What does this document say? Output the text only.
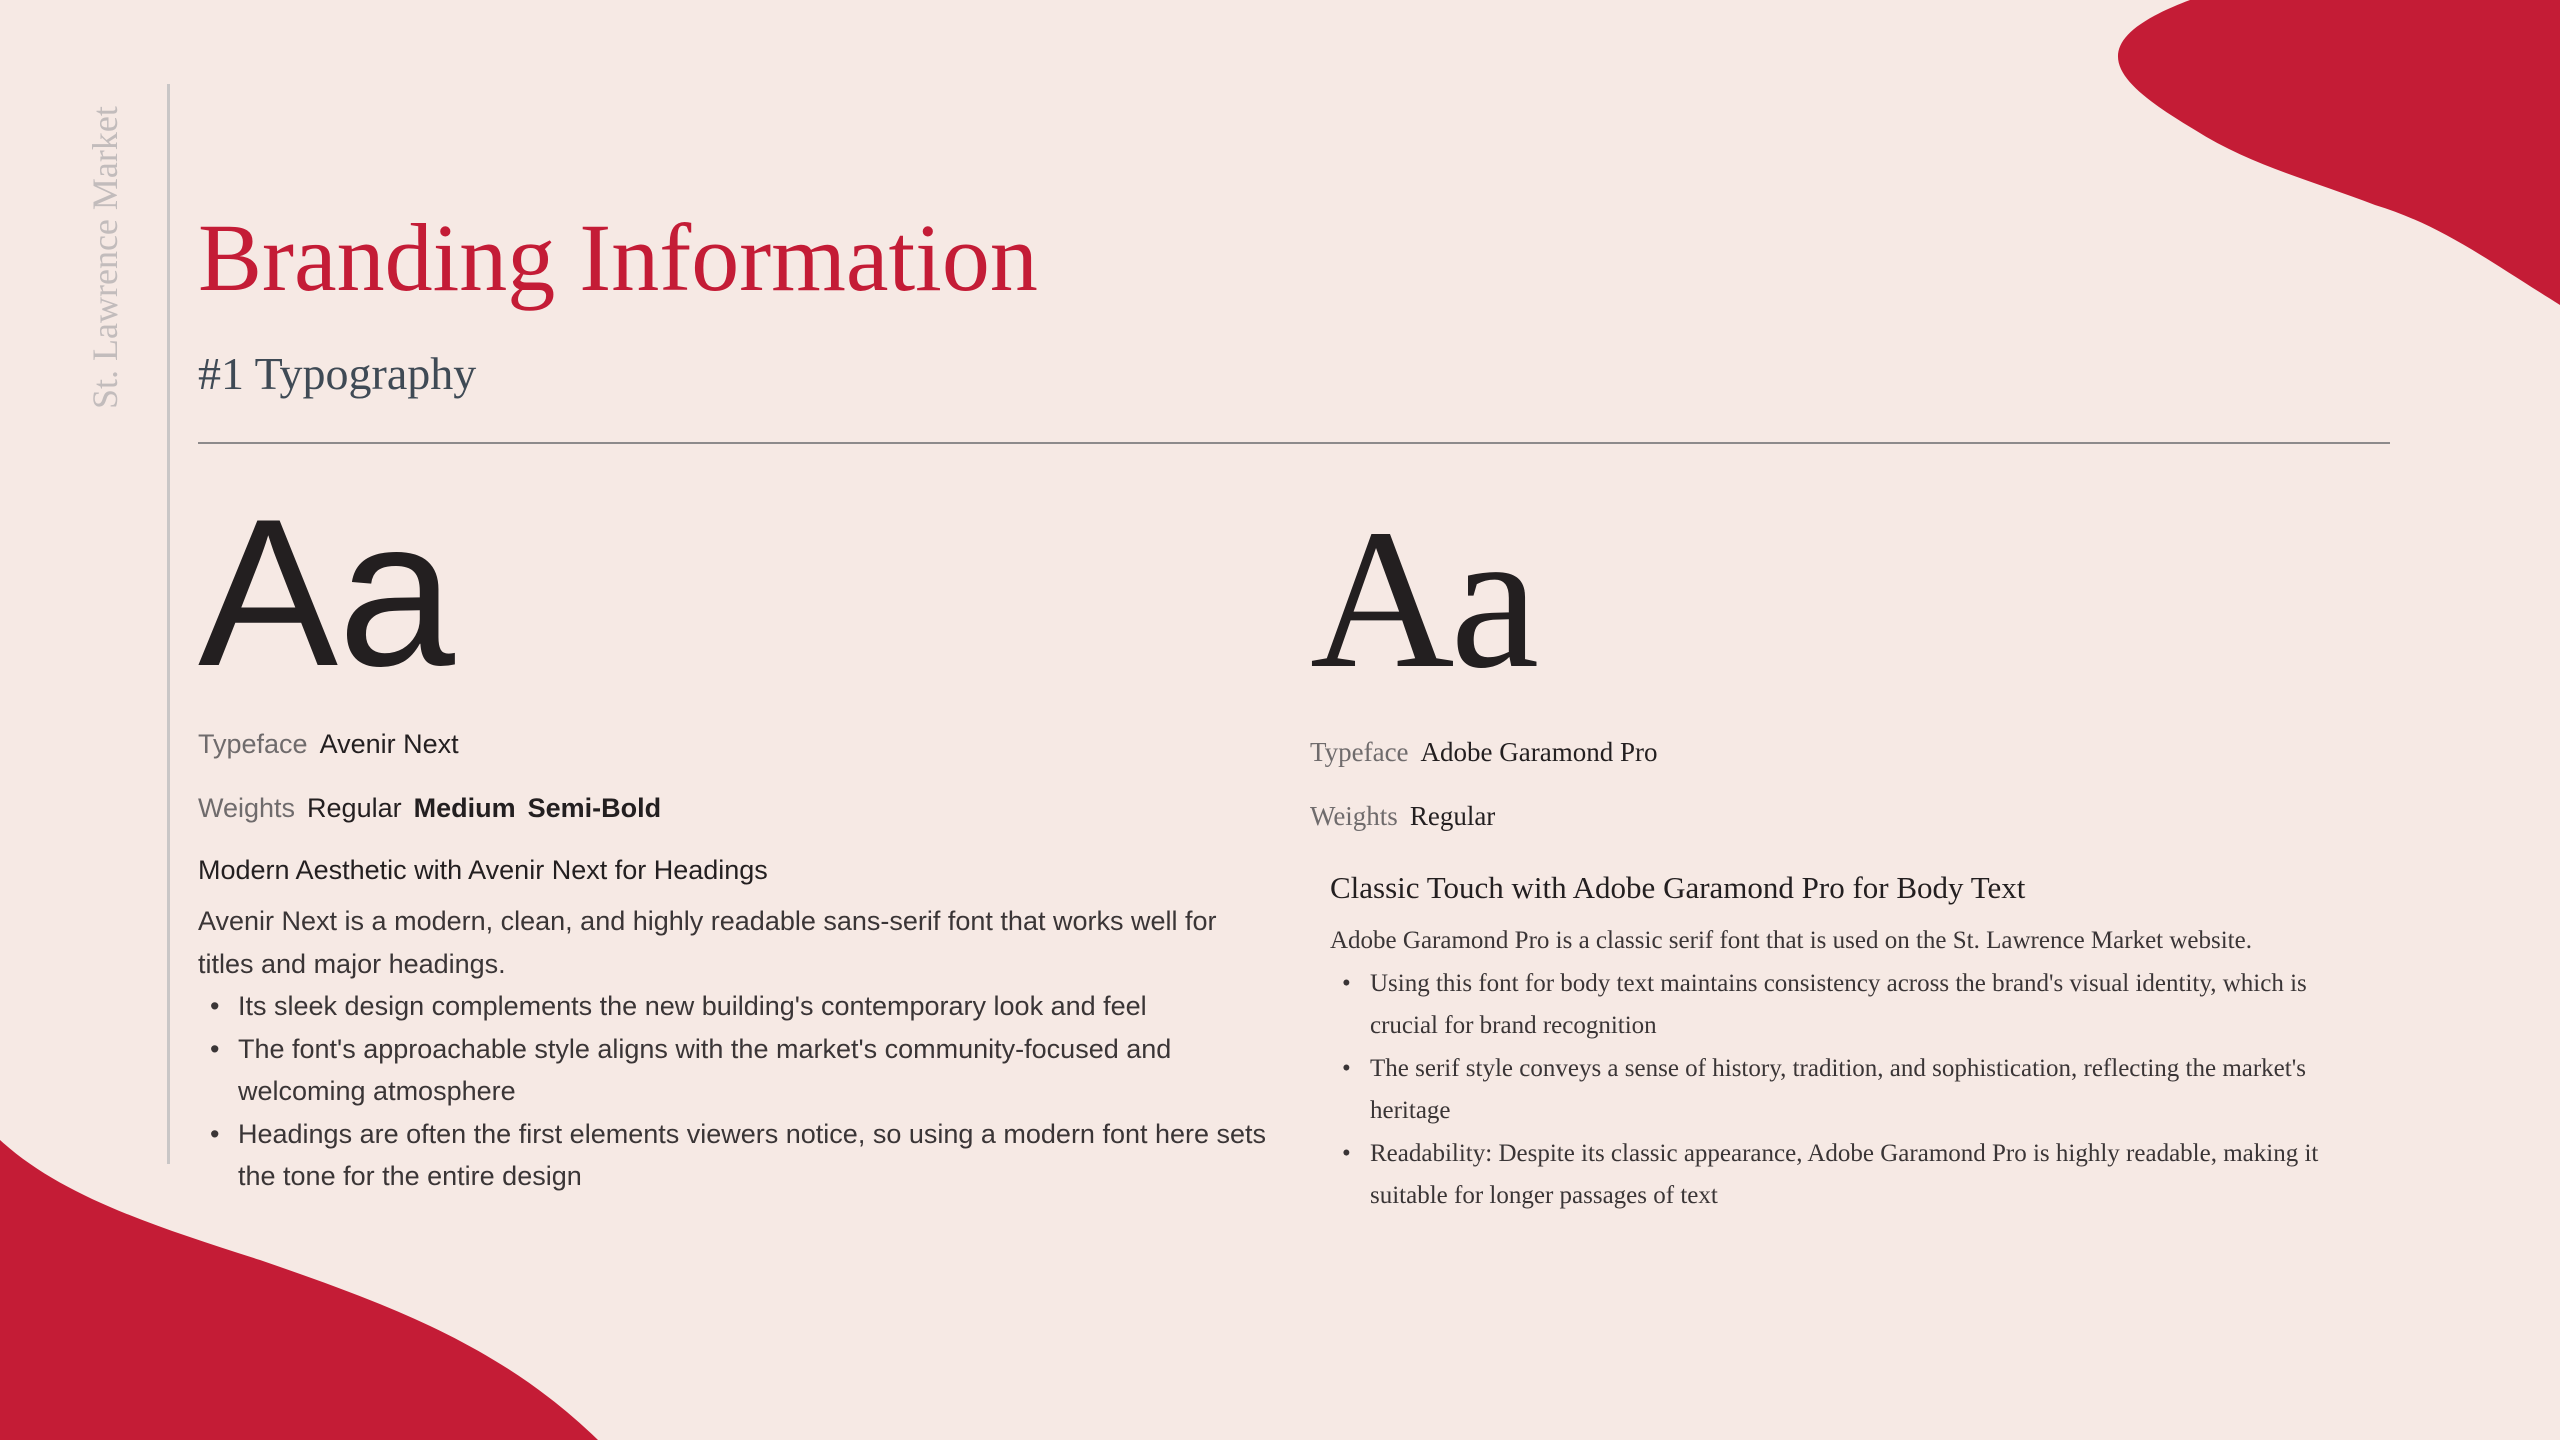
St. Lawrence Market Branding Information
#1 Typography
Aa
Typeface Avenir Next
Weights Regular Medium Semi-Bold
Modern Aesthetic with Avenir Next for Headings

Avenir Next is a modern, clean, and highly readable sans-serif font that works well for titles and major headings.

• Its sleek design complements the new building's contemporary look and feel
• The font's approachable style aligns with the market's community-focused and welcoming atmosphere
• Headings are often the first elements viewers notice, so using a modern font here sets the tone for the entire design
Aa
Typeface Adobe Garamond Pro
Weights Regular
Classic Touch with Adobe Garamond Pro for Body Text

Adobe Garamond Pro is a classic serif font that is used on the St. Lawrence Market website.

• Using this font for body text maintains consistency across the brand's visual identity, which is crucial for brand recognition
• The serif style conveys a sense of history, tradition, and sophistication, reflecting the market's heritage
• Readability: Despite its classic appearance, Adobe Garamond Pro is highly readable, making it suitable for longer passages of text
